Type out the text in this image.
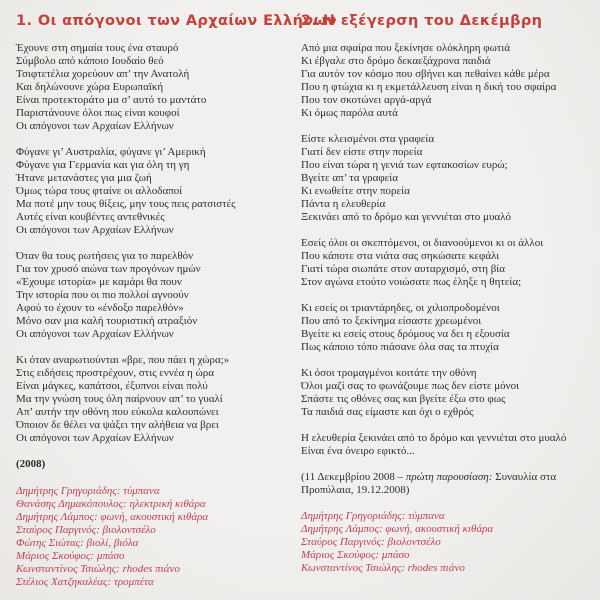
1. Οι απόγονοι των Αρχαίων Ελλήνων
Έχουνε στη σημαία τους ένα σταυρό
Σύμβολο από κάποιο Ιουδαίο θεό
Τσιφτετέλια χορεύουν απ’ την Ανατολή
Και δηλώνουνε χώρα Ευρωπαϊκή
Είναι προτεκτοράτο μα σ’ αυτό το μαντάτο
Παριστάνουνε όλοι πως είναι κουφοί
Οι απόγονοι των Αρχαίων Ελλήνων
Φύγανε γι’ Αυστραλία, φύγανε γι’ Αμερική
Φύγανε για Γερμανία και για όλη τη γη
Ήτανε μετανάστες για μια ζωή
Όμως τώρα τους φταίνε οι αλλοδαποί
Μα ποτέ μην τους θίξεις, μην τους πεις ρατσιστές
Αυτές είναι κουβέντες αντεθνικές
Οι απόγονοι των Αρχαίων Ελλήνων
Όταν θα τους ρωτήσεις για το παρελθόν
Για τον χρυσό αιώνα των προγόνων ημών
«Έχουμε ιστορία» με καμάρι θα πουν
Την ιστορία που οι πιο πολλοί αγνοούν
Αφού το έχουν το «ένδοξο παρελθόν»
Μόνο σαν μια καλή τουριστική ατραξιόν
Οι απόγονοι των Αρχαίων Ελλήνων
Κι όταν αναρωτιούνται «βρε, που πάει η χώρα;»
Στις ειδήσεις προστρέχουν, στις εννέα η ώρα
Είναι μάγκες, καπάτσοι, έξυπνοι είναι πολύ
Μα την γνώση τους όλη παίρνουν απ’ το γυαλί
Απ’ αυτήν την οθόνη που εύκολα καλουπώνει
Όποιον δε θέλει να ψάξει την αλήθεια να βρει
Οι απόγονοι των Αρχαίων Ελλήνων
(2008)
Δημήτρης Γρηγοριάδης: τύμπανα
Θανάσης Δημακόπουλος: ηλεκτρική κιθάρα
Δημήτρης Λάμπος: φωνή, ακουστική κιθάρα
Σταύρος Παργινός: βιολοντσέλο
Φώτης Σιώτας: βιολί, βιόλα
Μάριος Σκούφος: μπάσο
Κωνσταντίνος Τσιώλης: rhodes πιάνο
Στέλιος Χατζηκαλέας: τρομπέτα
2. Η εξέγερση του Δεκέμβρη
Από μια σφαίρα που ξεκίνησε ολόκληρη φωτιά
Κι έβγαλε στο δρόμο δεκαεξάχρονα παιδιά
Για αυτόν τον κόσμο που σβήνει και πεθαίνει κάθε μέρα
Που η φτώχια κι η εκμετάλλευση είναι η δική του σφαίρα
Που τον σκοτώνει αργά-αργά
Κι όμως παρόλα αυτά
Είστε κλεισμένοι στα γραφεία
Γιατί δεν είστε στην πορεία
Που είναι τώρα η γενιά των εφτακοσίων ευρώ;
Βγείτε απ’ τα γραφεία
Κι ενωθείτε στην πορεία
Πάντα η ελευθερία
Ξεκινάει από το δρόμο και γεννιέται στο μυαλό
Εσείς όλοι οι σκεπτόμενοι, οι διανοούμενοι κι οι άλλοι
Που κάποτε στα νιάτα σας σηκώσατε κεφάλι
Γιατί τώρα σιωπάτε στον αυταρχισμό, στη βία
Στον αγώνα ετούτο νοιώσατε πως έληξε η θητεία;
Κι εσείς οι τριαντάρηδες, οι χιλιοπροδομένοι
Που από το ξεκίνημα είσαστε χρεωμένοι
Βγείτε κι εσείς στους δρόμους να δει η εξουσία
Πως κάποιο τόπο πιάσανε όλα σας τα πτυχία
Κι όσοι τρομαγμένοι κοιτάτε την οθόνη
Όλοι μαζί σας το φωνάζουμε πως δεν είστε μόνοι
Σπάστε τις οθόνες σας και βγείτε έξω στο φως
Τα παιδιά σας είμαστε και όχι ο εχθρός
Η ελευθερία ξεκινάει από το δρόμο και γεννιέται στο μυαλό
Είναι ένα όνειρο εφικτό...
(11 Δεκεμβρίου 2008 – πρώτη παρουσίαση: Συναυλία στα
Προπύλαια, 19.12.2008)
Δημήτρης Γρηγοριάδης: τύμπανα
Δημήτρης Λάμπος: φωνή, ακουστική κιθάρα
Σταύρος Παργινός: βιολοντσέλο
Μάριος Σκούφος: μπάσο
Κωνσταντίνος Τσιώλης: rhodes πιάνο
